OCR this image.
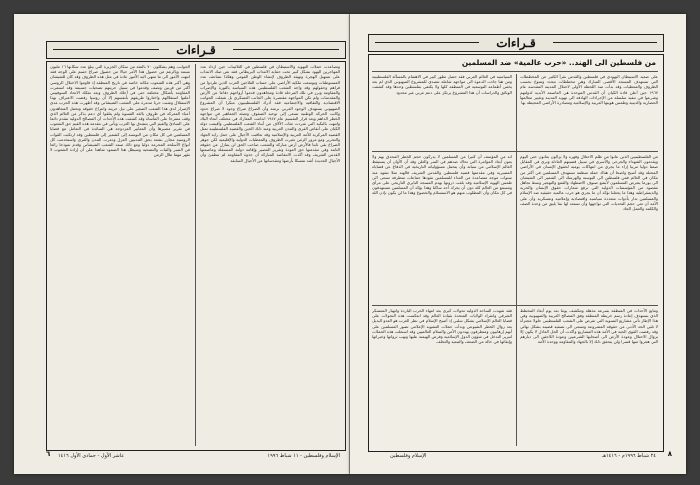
قـراءات

وتصاعدت حملات التهويد والاستيطان في فلسطين في الثلاثينات حين ازداد عدد المهاجرين اليهود بشكل كبير تحت حماية الانتداب البريطاني فقد نص صك الانتداب على تسهيل الهجرة وتهيئة الظروف لإنشاء الوطن القومي وهكذا تضاعف عدد المستوطنات وتوسعت ملكية الأراضي على حساب الفلاحين العرب الذين طردوا من قراهم وحقولهم وقد واجه الشعب الفلسطيني هذه السياسة بالثورة والإضراب والمقاومة وبرز في تلك المرحلة قادة ومجاهدون قدموا أرواحهم دفاعا عن الأرض والمقدسات ولم تكن المواجهة مقتصرة على الجانب العسكري بل شملت الجوانب الاقتصادية والثقافية والاجتماعية فقد أدرك الفلسطينيون مبكرا أن المشروع الصهيوني يستهدف الوجود العربي برمته وأن الصراع صراع وجود لا صراع حدود وكانت الحركة الوطنية تسعى إلى توحيد الصفوف وتعبئة الجماهير في مواجهة الخطر الداهم وبعد قرار التقسيم عام ١٩٤٧ اندلعت المعارك في مختلف أنحاء البلاد وانتهت بالنكبة التي شردت مئات الآلاف من أبناء الشعب الفلسطيني وأقيمت دولة الكيان على أنقاض القرى والمدن العربية ومنذ ذلك الحين والقضية الفلسطينية تمثل القضية المركزية للأمة العربية والإسلامية وقد تعاقبت الأجيال على حمل راية الجهاد والتحرير ومع مرور الزمن تغيرت الظروف والمعطيات الدولية والإقليمية لكن جوهر الصراع بقي ثابتا فالأرض أرض مباركة والشعب صاحب الحق لن يتنازل عن حقوقه الثابتة وفي مقدمتها حق العودة وتقرير المصير وإقامة دولته المستقلة وعاصمتها القدس الشريف وقد أكدت الانتفاضة المباركة أن جذوة المقاومة لم تنطفئ وأن الأجيال الجديدة أشد تمسكا بأرضها ومقدساتها من الأجيال السابقة

الجوانب وهم يشكلون ٧٠ بالمئة من سكان الجزيرة التي يبلغ عدد سكانها ١٦ مليون نسمة وبالرغم من حصول هذا الأمر حيالا من حصول صراع حسم على الوجه فقد انتهت الأمور الى ما تنتهي اليه الأمور عادة في مثل هذه الظروف وقد كان للشيشان وهي أكبر هذه الشعوب مكانة خاصة في تاريخ المنطقة إذ قاوموا الاحتلال الروسي أكثر من قرنين ونصف وقدموا في سبيل حريتهم تضحيات جسيمة وقد استمرت المقاومة بأشكال مختلفة حتى في أحلك الظروف وبعد تفكك الاتحاد السوفييتي أعلنوا استقلالهم واختاروا طريقهم بأنفسهم إلا أن روسيا رفضت الاعتراف بهذا الاستقلال وشنت حربا مدمرة على الشعب الشيشاني وقد أظهرت هذه الحرب مدى الإصرار لدى هذا الشعب الصغير على نيل حريته وانتزاع حقوقه وتحمل المجاهدون أعباء المعركة في ظروف بالغة القسوة ولم يتلقوا أي دعم يذكر من العالم الذي وقف متفرجا على المأساة وقد كشفت هذه الأحداث أن المصالح الدولية تتقدم دائما على المبادئ والقيم التي يتشدق بها الغرب ويأتي في مقدمة هذه القيم حق الشعوب في تقرير مصيرها وأن المعايير المزدوجة هي السائدة في التعامل مع قضايا المسلمين في كل مكان من البوسنة إلى كشمير إلى فلسطين وقد ارتكبت القوات الروسية مجازر بشعة بحق المدنيين العزل ودمرت المدن والقرى واستخدمت كل أنواع الأسلحة المحرمة دوليا ومع ذلك صمد الشعب الشيشاني وقدم نموذجا رائعا في الصبر والثبات والتضحية وسيظل هذا الصمود شاهدا على أن إرادة الشعوب لا تقهر مهما طال الزمن

الإسلام وفلسطين - ١١ شباط ١٩٩٦
عاشر الأول - جمادى الأول ١٤١٦
٦
قـراءات
من فلسطين الى الهند.. «حرب عالمية» ضد المسلمين

على صعيد الاستيطان اليهودي في فلسطين والقدس نقرأ الكثير عن المخططات التي تستهدف المسجد الأقصى المبارك وهي مخططات تتجدد وتتنوع بحسب الظروف والمعطيات وقد بدأت منذ اللحظة الأولى لاحتلال المدينة المقدسة عام ١٩٦٧ حين أعلن قادة الكيان أن القدس الموحدة هي العاصمة الأبدية لدولتهم وشرعوا في تنفيذ سلسلة من الإجراءات الهادفة الى تهويد المدينة وتغيير معالمها الحضارية والدينية وطمس هويتها العربية والإسلامية ومصادرة الأراضي المحيطة بها

السياسية في العالم العربي فقد حصل تطور كبير في الاهتمام بالمسألة الفلسطينية ومن هنا جاءت الدعوة الى مواجهة شاملة تتصدى للمشروع الصهيوني الذي لم يعد يخفي أطماعه التوسعية في المنطقة كلها ولا يكتفي بفلسطين وحدها وقد كشفت الوثائق والدراسات أن هذا المشروع يرتكز على دعم غربي غير محدود

من الفلسطينيين الذين عانوا من ظلم الاحتلال وقهره ولا يزالون يعانون حتى اليوم ويقدمون الشهداء والجرحى والأسرى في سبيل قضيتهم العادلة ونرى في المقابل صمتا دوليا مريبا إزاء ما يجري من انتهاكات يومية لحقوق الإنسان في الأراضي المحتلة وقد أصبح واضحا أن هناك حملة منظمة تستهدف المسلمين في أكثر من مكان في العالم فمن فلسطين الى البوسنة والهرسك الى كشمير الى الشيشان الى بورما يتعرض المسلمون لأبشع صنوف الاضطهاد والقمع والتهجير وسط تجاهل مقصود من المؤسسات الدولية التي ترفع شعارات حقوق الإنسان والحرية والديمقراطية وهذا ما يجعلنا نؤكد أن ما يجري هو حرب عالمية حقيقية ضد الإسلام والمسلمين تدار بأدوات متعددة سياسية واقتصادية وإعلامية وعسكرية وأن على الأمة أن تعي حجم التحديات التي تواجهها وأن تستعد لها بما يليق من وحدة الصف والكلمة والعمل الجاد

انه من المؤسف أن كثيرا من المسلمين لا يدركون حجم الخطر المحدق بهم ولا يعون أبعاد المؤامرة التي تحاك ضدهم في السر والعلن وقد آن الأوان أن يستيقظ العالم الإسلامي من سباته وأن يتحمل مسؤولياته التاريخية في الدفاع عن قضاياه المصيرية وفي مقدمتها قضية فلسطين والقدس الشريف فالهند مثلا تشهد منذ سنوات موجة متصاعدة من العداء للمسلمين تقودها جماعات متطرفة تسعى الى طمس الهوية الإسلامية وقد بلغت ذروتها بهدم المسجد البابري التاريخي على مرأى ومسمع من العالم كله دون أن يحرك أحد ساكنا وهذا يؤكد أن المسلمين مستهدفون في كل مكان وأن المطلوب منهم هو الاستسلام والخضوع وهذا ما لن يكون بإذن الله

وتتابع الأحداث في المنطقة بسرعة مذهلة وتتكشف يوما بعد يوم أبعاد المخطط الذي يستهدف إعادة رسم خريطة المنطقة وفق المصالح الغربية والصهيونية وفي هذا الإطار تأتي مشاريع التسوية التي تفرض على الشعب الفلسطيني حلولا مجتزأة لا تلبي الحد الأدنى من حقوقه المشروعة وتسعى الى تصفية قضيته بشكل نهائي وقد رفضت القوى الحية في الأمة هذه المشاريع وأكدت أن الحل العادل لا يكون إلا بزوال الاحتلال وعودة الأرض الى أصحابها الشرعيين وعودة اللاجئين الى ديارهم التي هجروا منها قسرا ولن يتحقق ذلك إلا بالجهاد والمقاومة ووحدة الأمة

فقد شهدت الساحة الدولية تحولات كبرى بعد انتهاء الحرب الباردة وانهيار المعسكر الشرقي وانفراد الولايات المتحدة بقيادة العالم وقد انعكست هذه التحولات على قضايا العالم الإسلامي بشكل سلبي إذ أصبح الإسلام في نظر الغرب هو العدو البديل بعد زوال الخطر الشيوعي وبدأت حملات التشويه الإعلامي تصور المسلمين على أنهم إرهابيون ومتطرفون يهددون الأمن والسلام العالميين وقد استغلت هذه الحملات لتبرير التدخل في شؤون الدول الإسلامية وفرض الهيمنة عليها ونهب ثرواتها وخيراتها وإبقائها في حالة من الضعف والتبعية والتخلف

٢٤ شباط ١٩٩٦م - ١٤١٦هـ
الإسلام وفلسطين	٨
